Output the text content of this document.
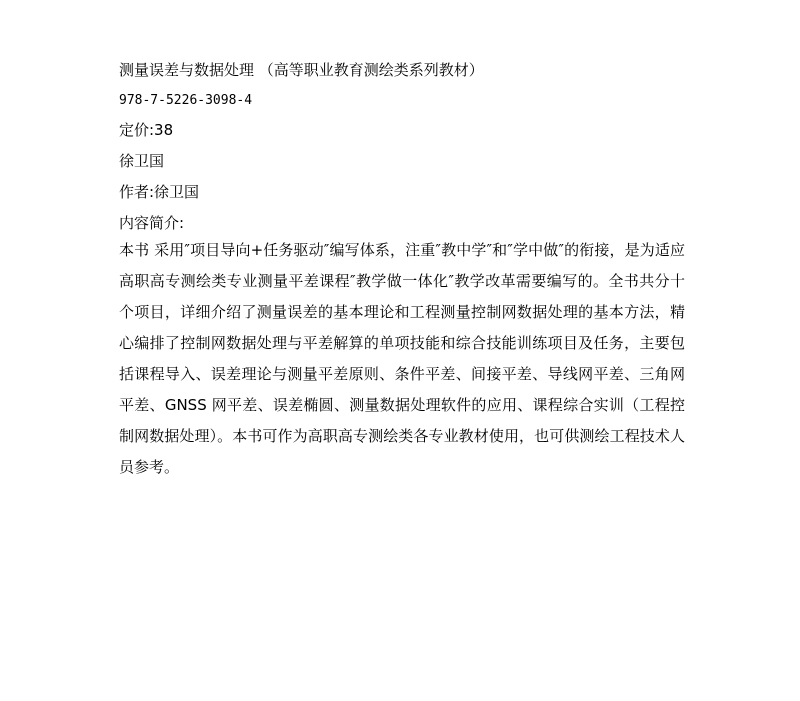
测量误差与数据处理 （高等职业教育测绘类系列教材）
978-7-5226-3098-4
定价:38
徐卫国
作者:徐卫国
内容简介:

本书 采用″项目导向+任务驱动″编写体系，注重″教中学″和″学中做″的衔接，是为适应高职高专测绘类专业测量平差课程″教学做一体化″教学改革需要编写的。全书共分十个项目，详细介绍了测量误差的基本理论和工程测量控制网数据处理的基本方法，精心编排了控制网数据处理与平差解算的单项技能和综合技能训练项目及任务，主要包括课程导入、误差理论与测量平差原则、条件平差、间接平差、导线网平差、三角网平差、GNSS 网平差、误差椭圆、测量数据处理软件的应用、课程综合实训（工程控制网数据处理）。本书可作为高职高专测绘类各专业教材使用，也可供测绘工程技术人员参考。
